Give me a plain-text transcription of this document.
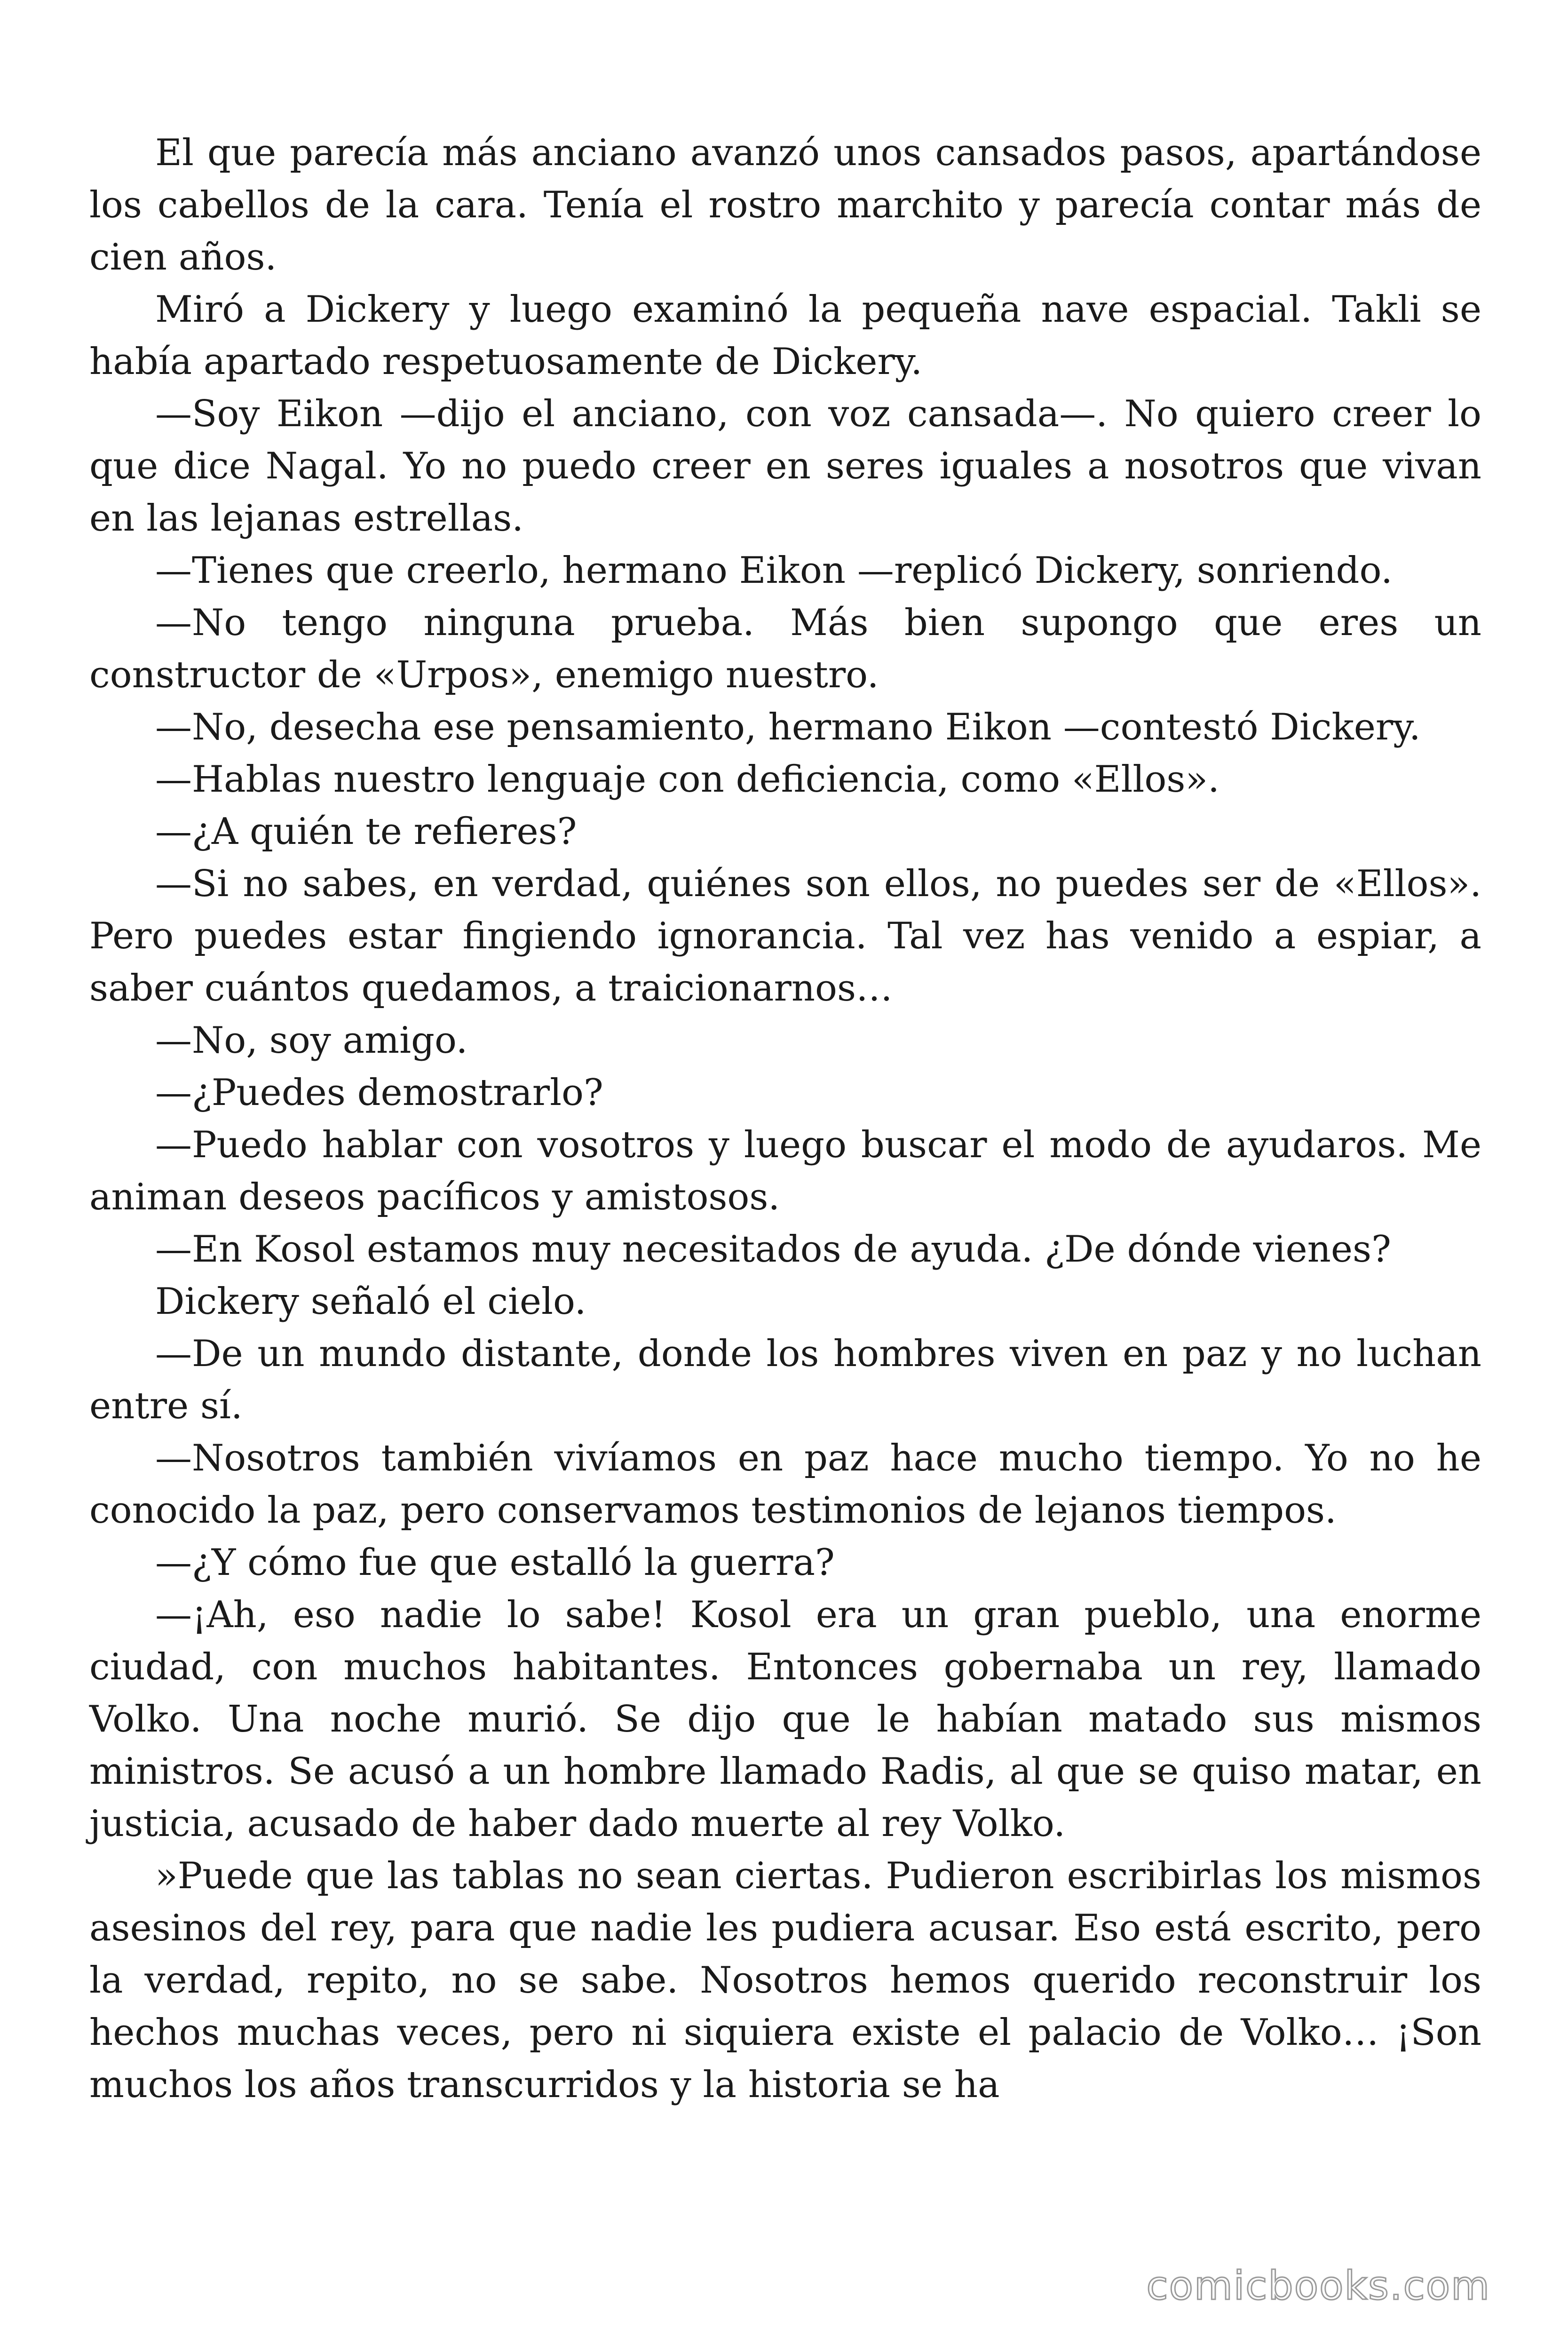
El que parecía más anciano avanzó unos cansados pasos, apartándose los cabellos de la cara. Tenía el rostro marchito y parecía contar más de cien años.

Miró a Dickery y luego examinó la pequeña nave espacial. Takli se había apartado respetuosamente de Dickery.

—Soy Eikon —dijo el anciano, con voz cansada—. No quiero creer lo que dice Nagal. Yo no puedo creer en seres iguales a nosotros que vivan en las lejanas estrellas.

—Tienes que creerlo, hermano Eikon —replicó Dickery, sonriendo.

—No tengo ninguna prueba. Más bien supongo que eres un constructor de «Urpos», enemigo nuestro.

—No, desecha ese pensamiento, hermano Eikon —contestó Dickery.

—Hablas nuestro lenguaje con deficiencia, como «Ellos».

—¿A quién te refieres?

—Si no sabes, en verdad, quiénes son ellos, no puedes ser de «Ellos». Pero puedes estar fingiendo ignorancia. Tal vez has venido a espiar, a saber cuántos quedamos, a traicionarnos…

—No, soy amigo.

—¿Puedes demostrarlo?

—Puedo hablar con vosotros y luego buscar el modo de ayudaros. Me animan deseos pacíficos y amistosos.

—En Kosol estamos muy necesitados de ayuda. ¿De dónde vienes?

Dickery señaló el cielo.

—De un mundo distante, donde los hombres viven en paz y no luchan entre sí.

—Nosotros también vivíamos en paz hace mucho tiempo. Yo no he conocido la paz, pero conservamos testimonios de lejanos tiempos.

—¿Y cómo fue que estalló la guerra?

—¡Ah, eso nadie lo sabe! Kosol era un gran pueblo, una enorme ciudad, con muchos habitantes. Entonces gobernaba un rey, llamado Volko. Una noche murió. Se dijo que le habían matado sus mismos ministros. Se acusó a un hombre llamado Radis, al que se quiso matar, en justicia, acusado de haber dado muerte al rey Volko.

»Puede que las tablas no sean ciertas. Pudieron escribirlas los mismos asesinos del rey, para que nadie les pudiera acusar. Eso está escrito, pero la verdad, repito, no se sabe. Nosotros hemos querido reconstruir los hechos muchas veces, pero ni siquiera existe el palacio de Volko… ¡Son muchos los años transcurridos y la historia se ha

comicbooks.com
